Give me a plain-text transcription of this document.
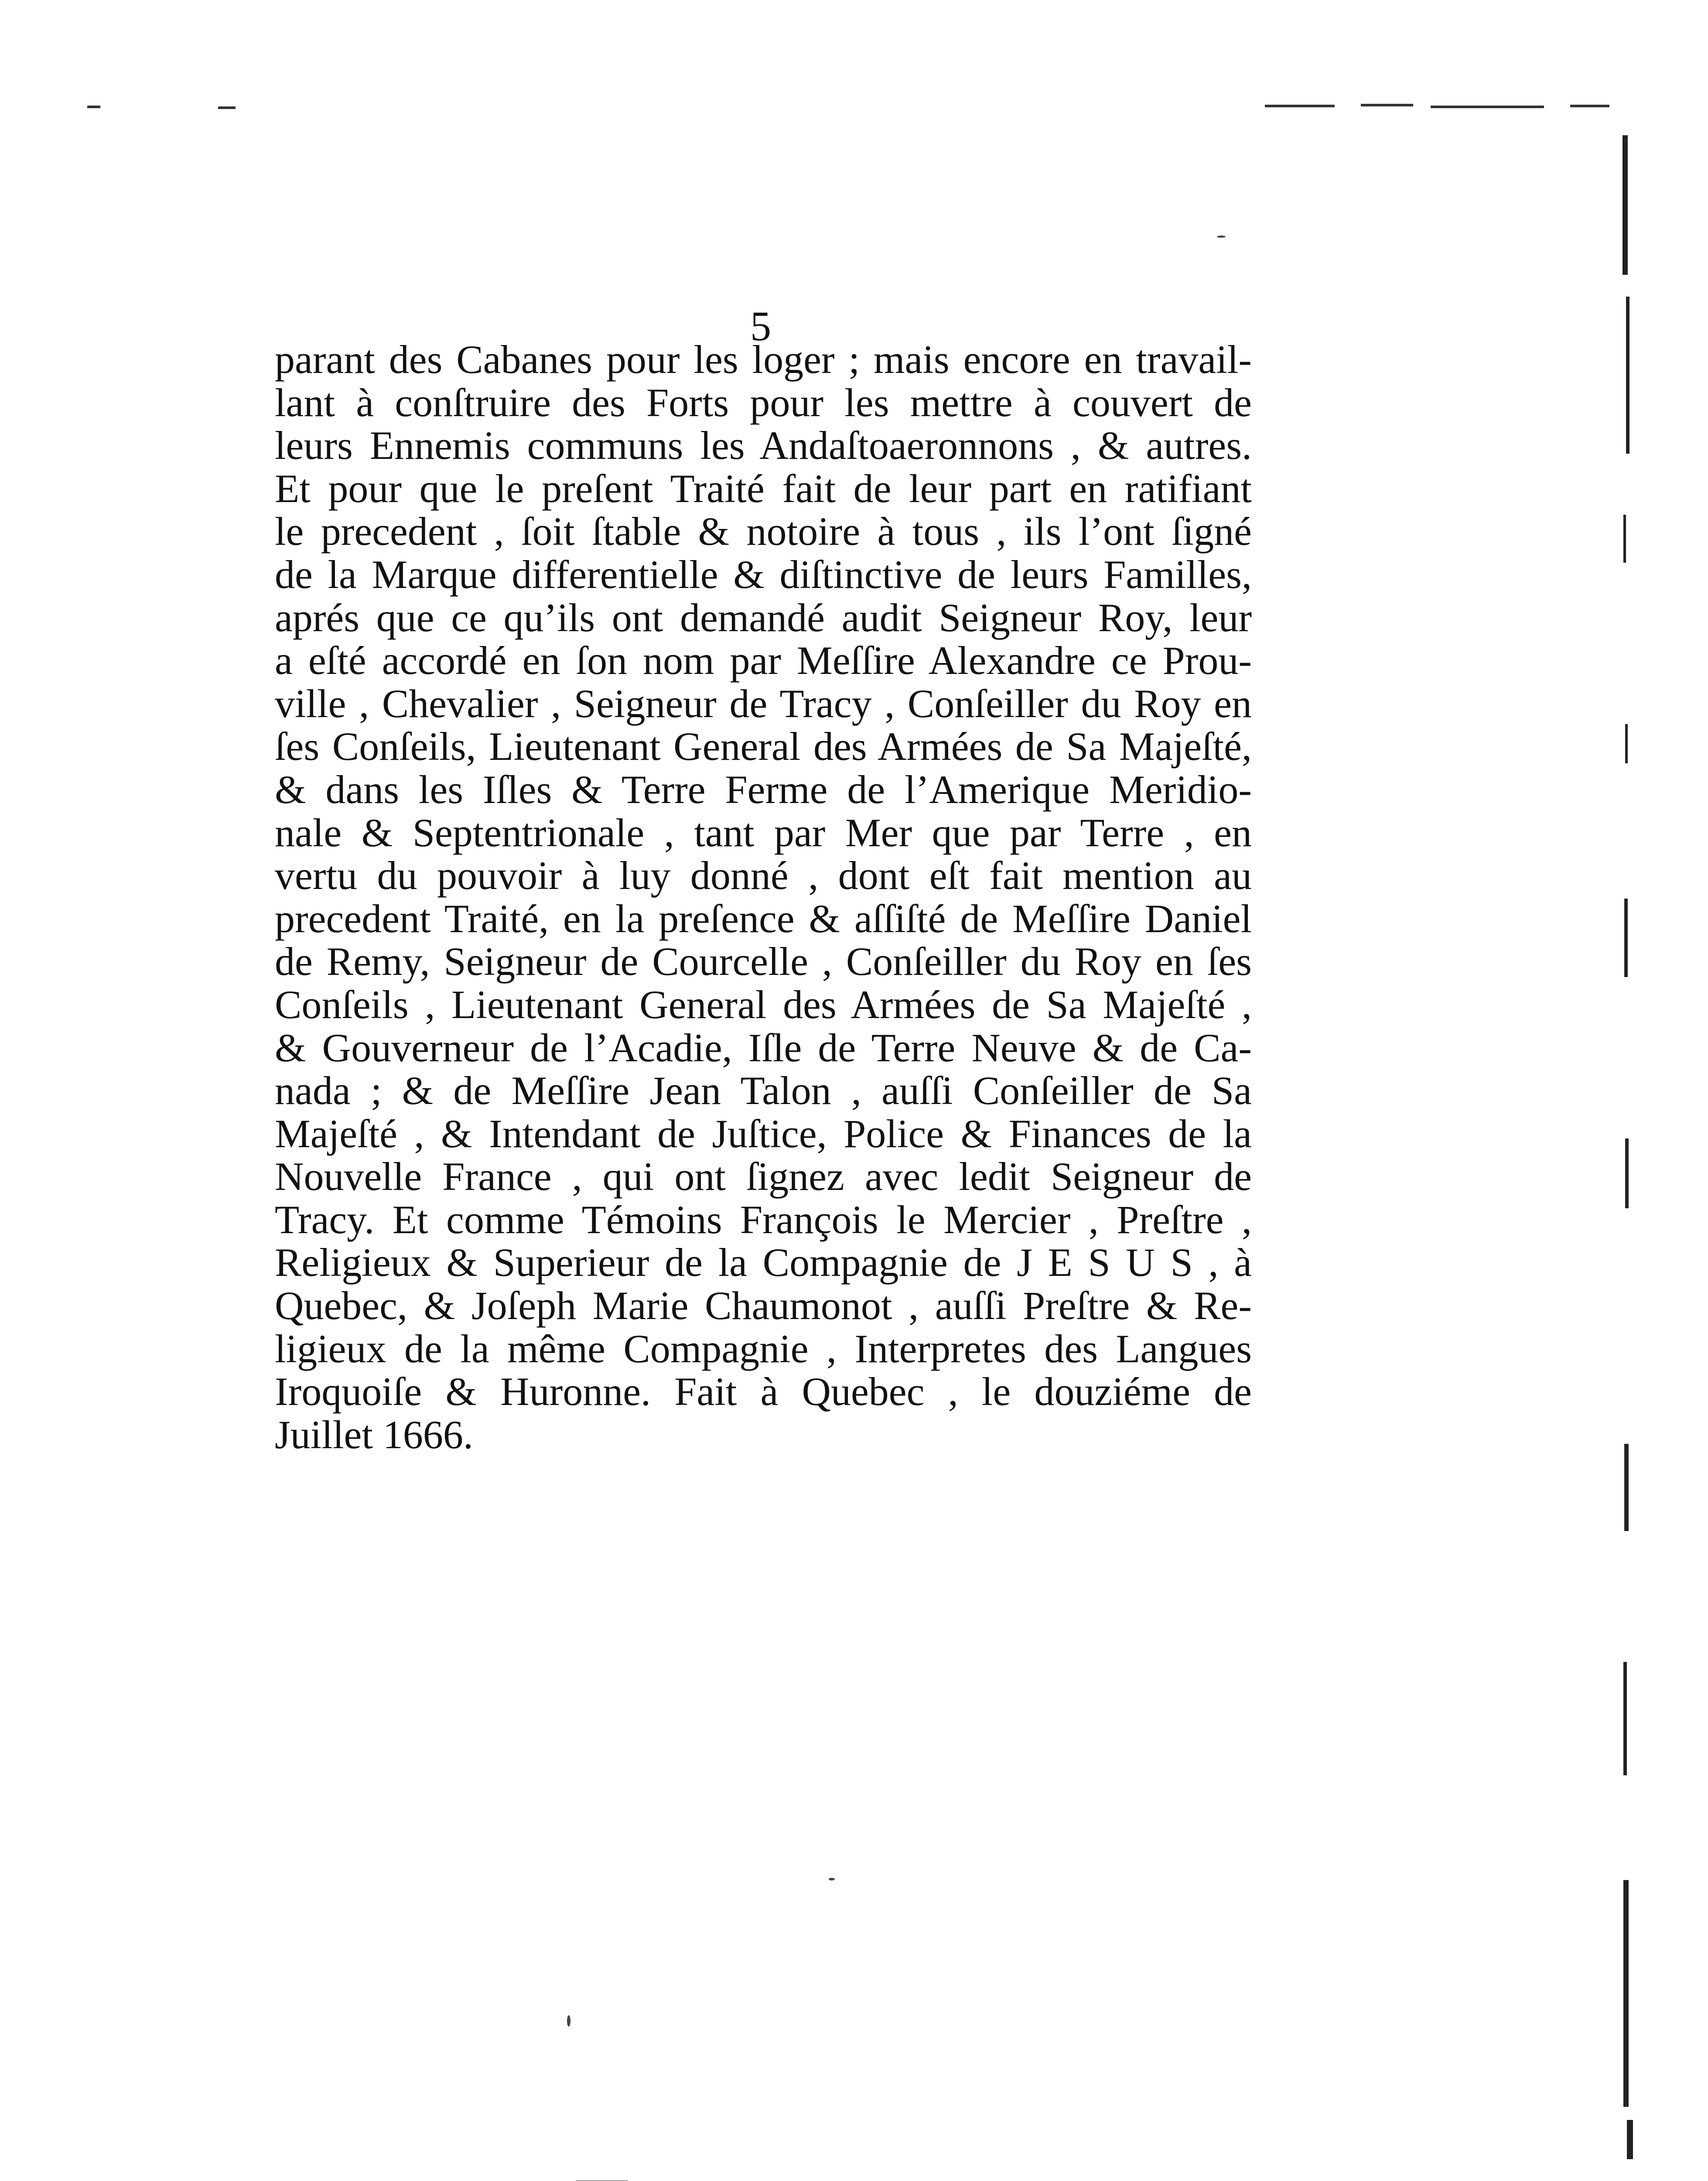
5
parant des Cabanes pour les loger ; mais encore en travail-
lant à conſtruire des Forts pour les mettre à couvert de
leurs Ennemis communs les Andaſtoaeronnons , & autres.
Et pour que le preſent Traité fait de leur part en ratifiant
le precedent , ſoit ſtable & notoire à tous , ils l’ont ſigné
de la Marque differentielle & diſtinctive de leurs Familles,
aprés que ce qu’ils ont demandé audit Seigneur Roy, leur
a eſté accordé en ſon nom par Meſſire Alexandre ce Prou-
ville , Chevalier , Seigneur de Tracy , Conſeiller du Roy en
ſes Conſeils, Lieutenant General des Armées de Sa Majeſté,
& dans les Iſles & Terre Ferme de l’Amerique Meridio-
nale & Septentrionale , tant par Mer que par Terre , en
vertu du pouvoir à luy donné , dont eſt fait mention au
precedent Traité, en la preſence & aſſiſté de Meſſire Daniel
de Remy, Seigneur de Courcelle , Conſeiller du Roy en ſes
Conſeils , Lieutenant General des Armées de Sa Majeſté ,
& Gouverneur de l’Acadie, Iſle de Terre Neuve & de Ca-
nada ; & de Meſſire Jean Talon , auſſi Conſeiller de Sa
Majeſté , & Intendant de Juſtice, Police & Finances de la
Nouvelle France , qui ont ſignez avec ledit Seigneur de
Tracy. Et comme Témoins François le Mercier , Preſtre ,
Religieux & Superieur de la Compagnie de J E S U S , à
Quebec, & Joſeph Marie Chaumonot , auſſi Preſtre & Re-
ligieux de la même Compagnie , Interpretes des Langues
Iroquoiſe & Huronne. Fait à Quebec , le douziéme de
Juillet 1666.
